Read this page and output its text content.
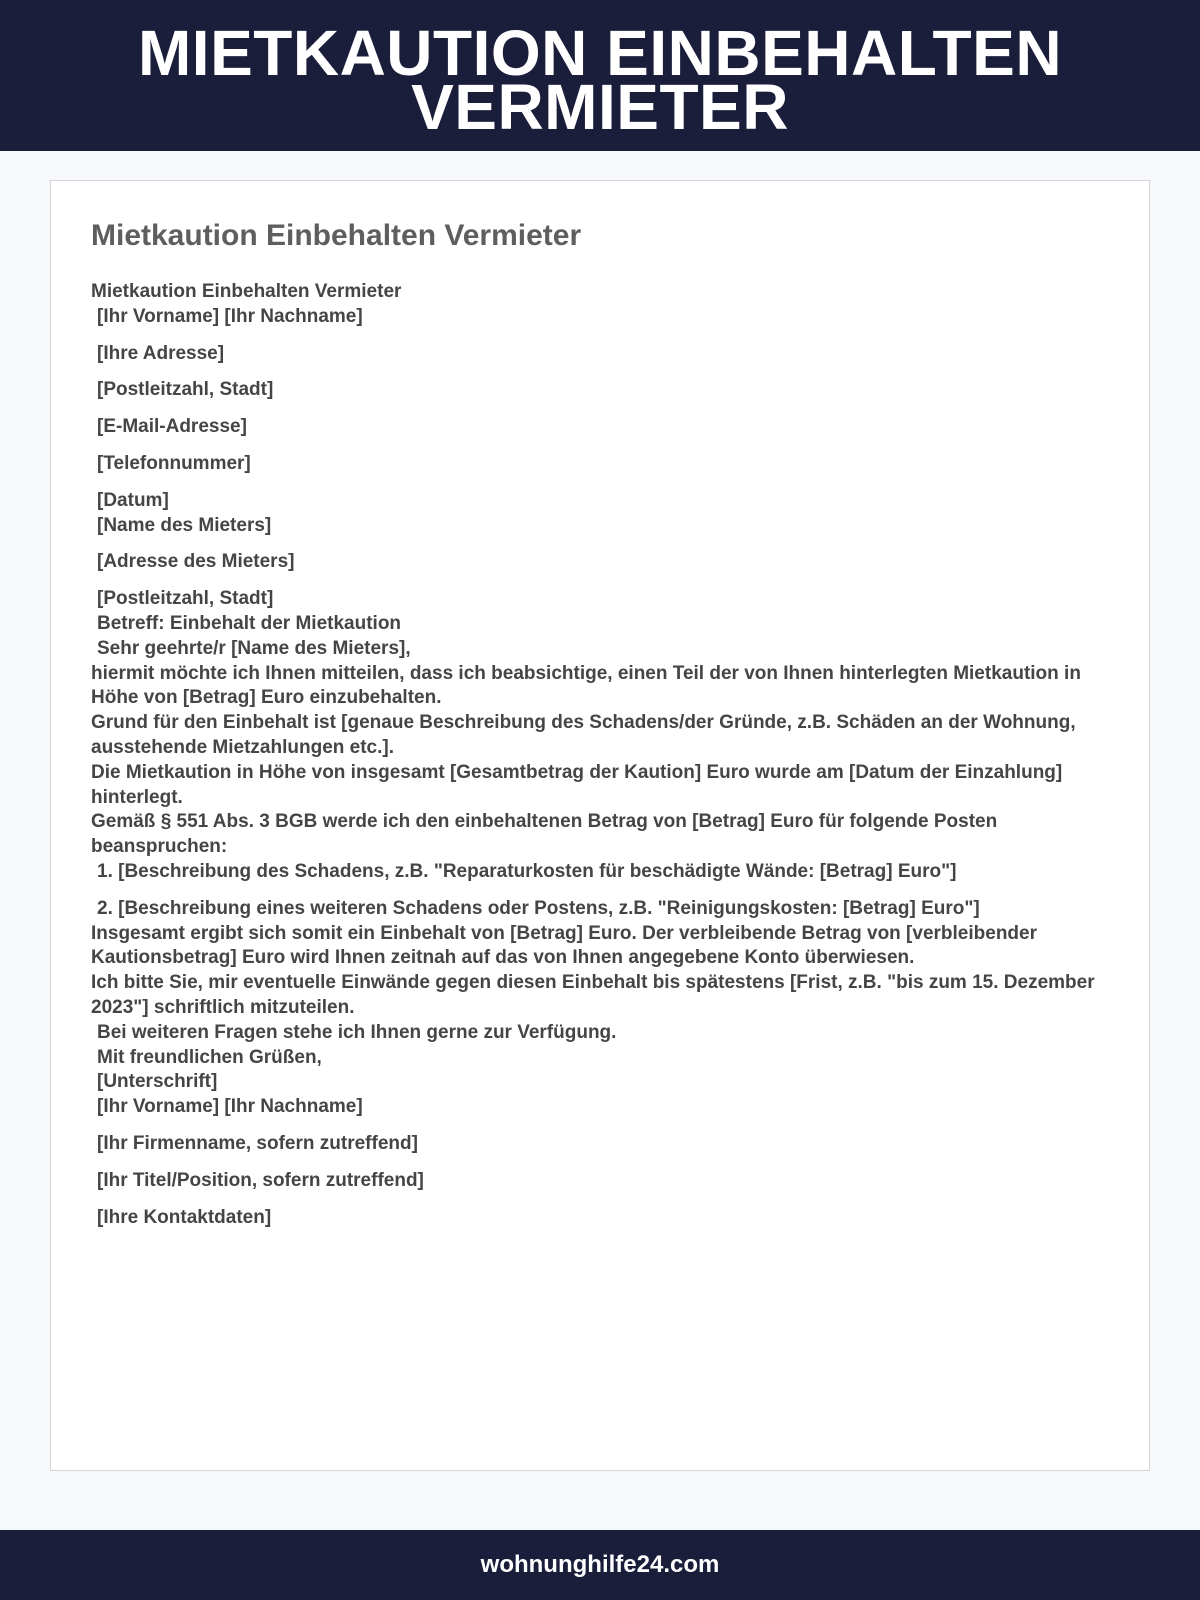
MIETKAUTION EINBEHALTEN VERMIETER
Mietkaution Einbehalten Vermieter
Mietkaution Einbehalten Vermieter
[Ihr Vorname] [Ihr Nachname]
[Ihre Adresse]
[Postleitzahl, Stadt]
[E-Mail-Adresse]
[Telefonnummer]
[Datum]
[Name des Mieters]
[Adresse des Mieters]
[Postleitzahl, Stadt]
Betreff: Einbehalt der Mietkaution
Sehr geehrte/r [Name des Mieters],
hiermit möchte ich Ihnen mitteilen, dass ich beabsichtige, einen Teil der von Ihnen hinterlegten Mietkaution in Höhe von [Betrag] Euro einzubehalten.
Grund für den Einbehalt ist [genaue Beschreibung des Schadens/der Gründe, z.B. Schäden an der Wohnung, ausstehende Mietzahlungen etc.].
Die Mietkaution in Höhe von insgesamt [Gesamtbetrag der Kaution] Euro wurde am [Datum der Einzahlung] hinterlegt.
Gemäß § 551 Abs. 3 BGB werde ich den einbehaltenen Betrag von [Betrag] Euro für folgende Posten beanspruchen:
1. [Beschreibung des Schadens, z.B. "Reparaturkosten für beschädigte Wände: [Betrag] Euro"]
2. [Beschreibung eines weiteren Schadens oder Postens, z.B. "Reinigungskosten: [Betrag] Euro"]
Insgesamt ergibt sich somit ein Einbehalt von [Betrag] Euro. Der verbleibende Betrag von [verbleibender Kautionsbetrag] Euro wird Ihnen zeitnah auf das von Ihnen angegebene Konto überwiesen.
Ich bitte Sie, mir eventuelle Einwände gegen diesen Einbehalt bis spätestens [Frist, z.B. "bis zum 15. Dezember 2023"] schriftlich mitzuteilen.
Bei weiteren Fragen stehe ich Ihnen gerne zur Verfügung.
Mit freundlichen Grüßen,
[Unterschrift]
[Ihr Vorname] [Ihr Nachname]
[Ihr Firmenname, sofern zutreffend]
[Ihr Titel/Position, sofern zutreffend]
[Ihre Kontaktdaten]
wohnunghilfe24.com
